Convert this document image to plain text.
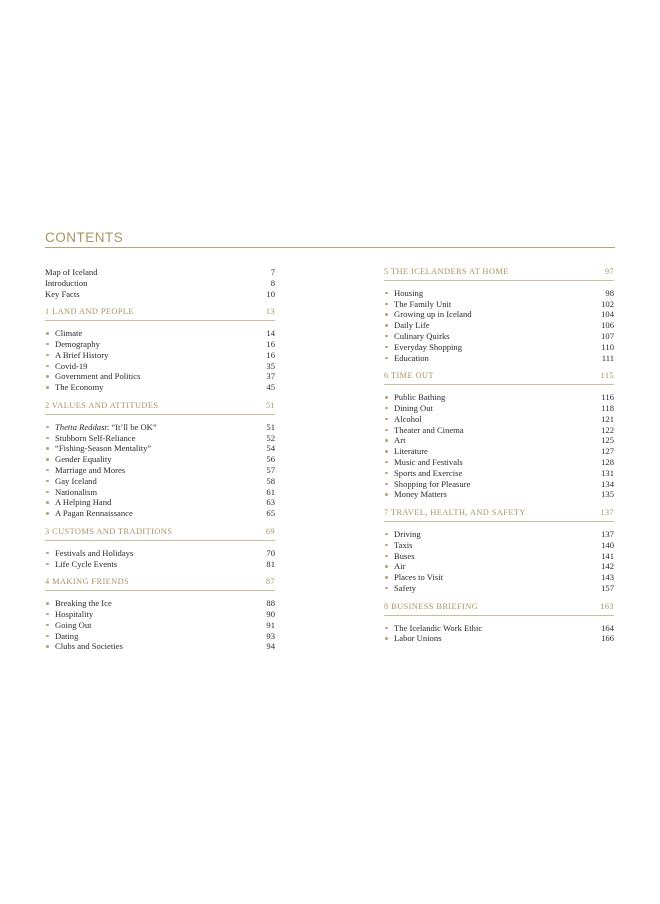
CONTENTS
Map of Iceland	7
Introduction	8
Key Facts	10
1 LAND AND PEOPLE	13
Climate	14
Demography	16
A Brief History	16
Covid-19	35
Government and Politics	37
The Economy	45
2 VALUES AND ATTITUDES	51
Thetta Reddast: “It’ll be OK”	51
Stubborn Self-Reliance	52
“Fishing-Season Mentality”	54
Gender Equality	56
Marriage and Mores	57
Gay Iceland	58
Nationalism	61
A Helping Hand	63
A Pagan Rennaissance	65
3 CUSTOMS AND TRADITIONS	69
Festivals and Holidays	70
Life Cycle Events	81
4 MAKING FRIENDS	87
Breaking the Ice	88
Hospitality	90
Going Out	91
Dating	93
Clubs and Societies	94
5 THE ICELANDERS AT HOME	97
Housing	98
The Family Unit	102
Growing up in Iceland	104
Daily Life	106
Culinary Quirks	107
Everyday Shopping	110
Education	111
6 TIME OUT	115
Public Bathing	116
Dining Out	118
Alcohol	121
Theater and Cinema	122
Art	125
Literature	127
Music and Festivals	128
Sports and Exercise	131
Shopping for Pleasure	134
Money Matters	135
7 TRAVEL, HEALTH, AND SAFETY	137
Driving	137
Taxis	140
Buses	141
Air	142
Places to Visit	143
Safety	157
8 BUSINESS BRIEFING	163
The Icelandic Work Ethic	164
Labor Unions	166
